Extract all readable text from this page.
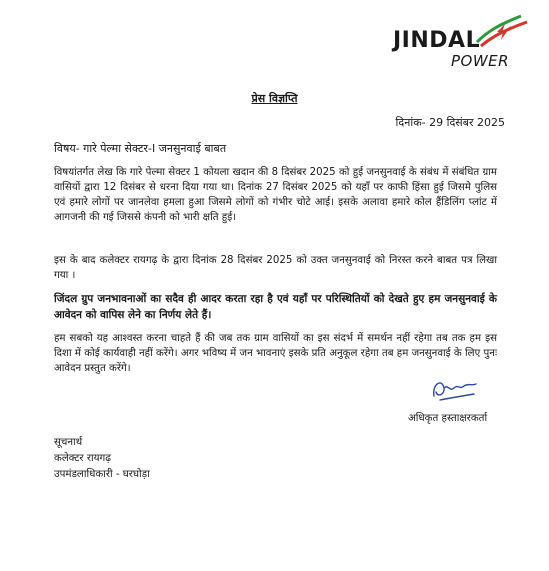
JINDAL
POWER
प्रेस विज्ञप्ति
दिनांक- 29 दिसंबर 2025
विषय- गारे पेल्मा सेक्टर-I जनसुनवाई बाबत

विषयांतर्गत लेख कि गारे पेल्मा सेक्टर 1 कोयला खदान की 8 दिसंबर 2025 को हुई जनसुनवाई के संबंध में संबंधित ग्राम वासियों द्वारा 12 दिसंबर से धरना दिया गया था। दिनांक 27 दिसंबर 2025 को यहाँ पर काफी हिंसा हुई जिसमे पुलिस एवं हमारे लोगों पर जानलेवा हमला हुआ जिसमे लोगों को गंभीर चोटे आई। इसके अलावा हमारे कोल हैंडिलिंग प्लांट में आगजनी की गई जिससे कंपनी को भारी क्षति हुई।

इस के बाद कलेक्टर रायगढ़ के द्वारा दिनांक 28 दिसंबर 2025 को उक्त जनसुनवाई को निरस्त करने बाबत पत्र लिखा गया ।

जिंदल ग्रुप जनभावनाओं का सदैव ही आदर करता रहा है एवं यहाँ पर परिस्थितियों को देखते हुए हम जनसुनवाई के आवेदन को वापिस लेने का निर्णय लेते हैं।

हम सबको यह आश्वस्त करना चाहते हैं की जब तक ग्राम वासियों का इस संदर्भ में समर्थन नहीं रहेगा तब तक हम इस दिशा में कोई कार्यवाही नहीं करेंगे। अगर भविष्य में जन भावनाएं इसके प्रति अनुकूल रहेगा तब हम जनसुनवाई के लिए पुनः आवेदन प्रस्तुत करेंगे।

अधिकृत हस्ताक्षरकर्ता
सूचनार्थ
कलेक्टर रायगढ़
उपमंडलाधिकारी - घरघोड़ा
